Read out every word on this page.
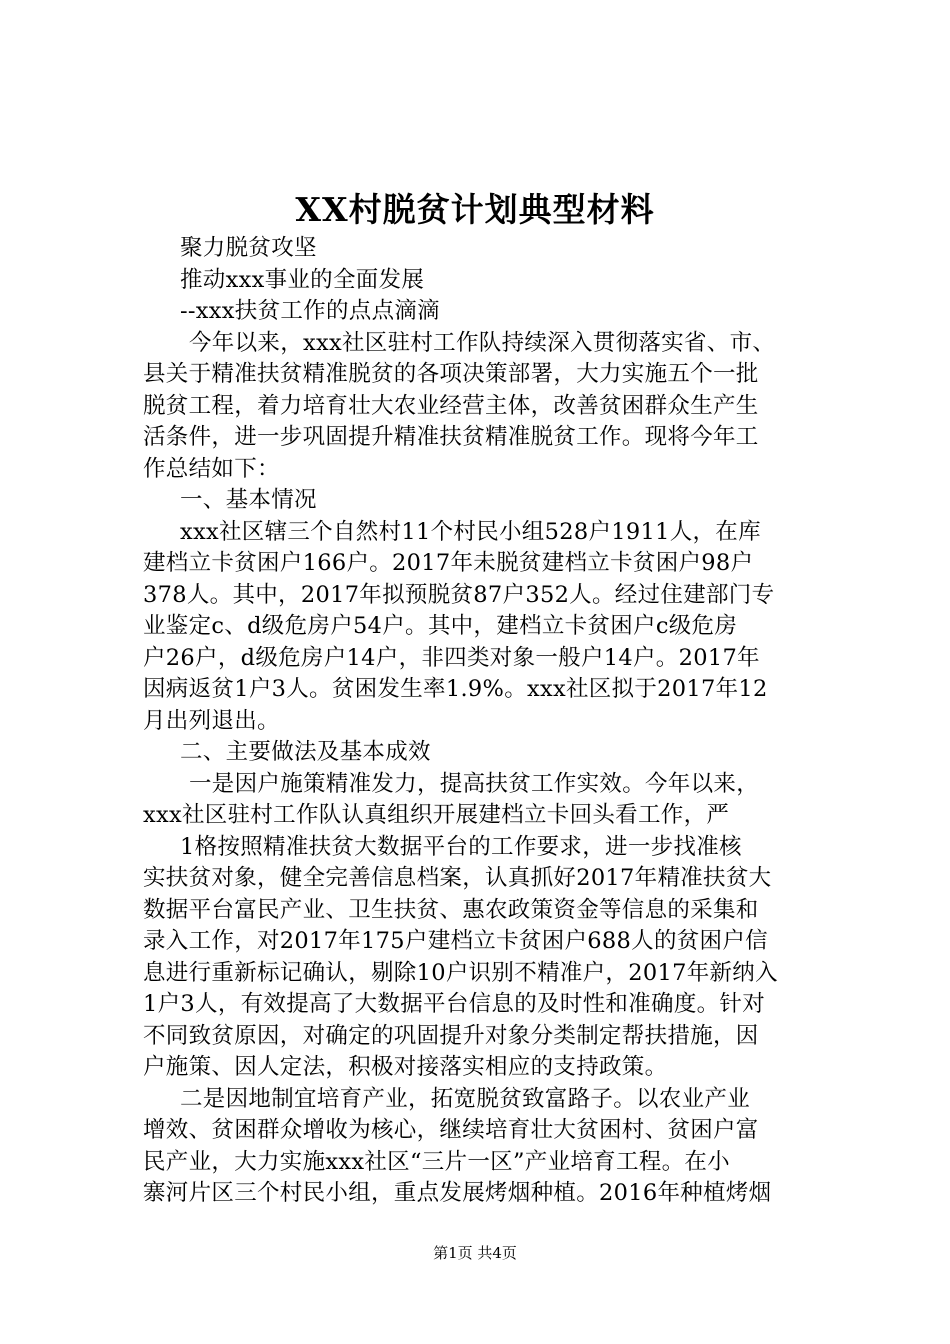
XX村脱贫计划典型材料

聚力脱贫攻坚

推动xxx事业的全面发展

--xxx扶贫工作的点点滴滴

今年以来，xxx社区驻村工作队持续深入贯彻落实省、市、

县关于精准扶贫精准脱贫的各项决策部署，大力实施五个一批

脱贫工程，着力培育壮大农业经营主体，改善贫困群众生产生

活条件，进一步巩固提升精准扶贫精准脱贫工作。现将今年工

作总结如下：

一、基本情况

xxx社区辖三个自然村11个村民小组528户1911人，在库

建档立卡贫困户166户。2017年未脱贫建档立卡贫困户98户

378人。其中，2017年拟预脱贫87户352人。经过住建部门专

业鉴定c、d级危房户54户。其中，建档立卡贫困户c级危房

户26户，d级危房户14户，非四类对象一般户14户。2017年

因病返贫1户3人。贫困发生率1.9%。xxx社区拟于2017年12

月出列退出。

二、主要做法及基本成效

一是因户施策精准发力，提高扶贫工作实效。今年以来，

xxx社区驻村工作队认真组织开展建档立卡回头看工作，严

1格按照精准扶贫大数据平台的工作要求，进一步找准核

实扶贫对象，健全完善信息档案，认真抓好2017年精准扶贫大

数据平台富民产业、卫生扶贫、惠农政策资金等信息的采集和

录入工作，对2017年175户建档立卡贫困户688人的贫困户信

息进行重新标记确认，剔除10户识别不精准户，2017年新纳入

1户3人，有效提高了大数据平台信息的及时性和准确度。针对

不同致贫原因，对确定的巩固提升对象分类制定帮扶措施，因

户施策、因人定法，积极对接落实相应的支持政策。

二是因地制宜培育产业，拓宽脱贫致富路子。以农业产业

增效、贫困群众增收为核心，继续培育壮大贫困村、贫困户富

民产业，大力实施xxx社区“三片一区”产业培育工程。在小

寨河片区三个村民小组，重点发展烤烟种植。2016年种植烤烟

第1页 共4页
